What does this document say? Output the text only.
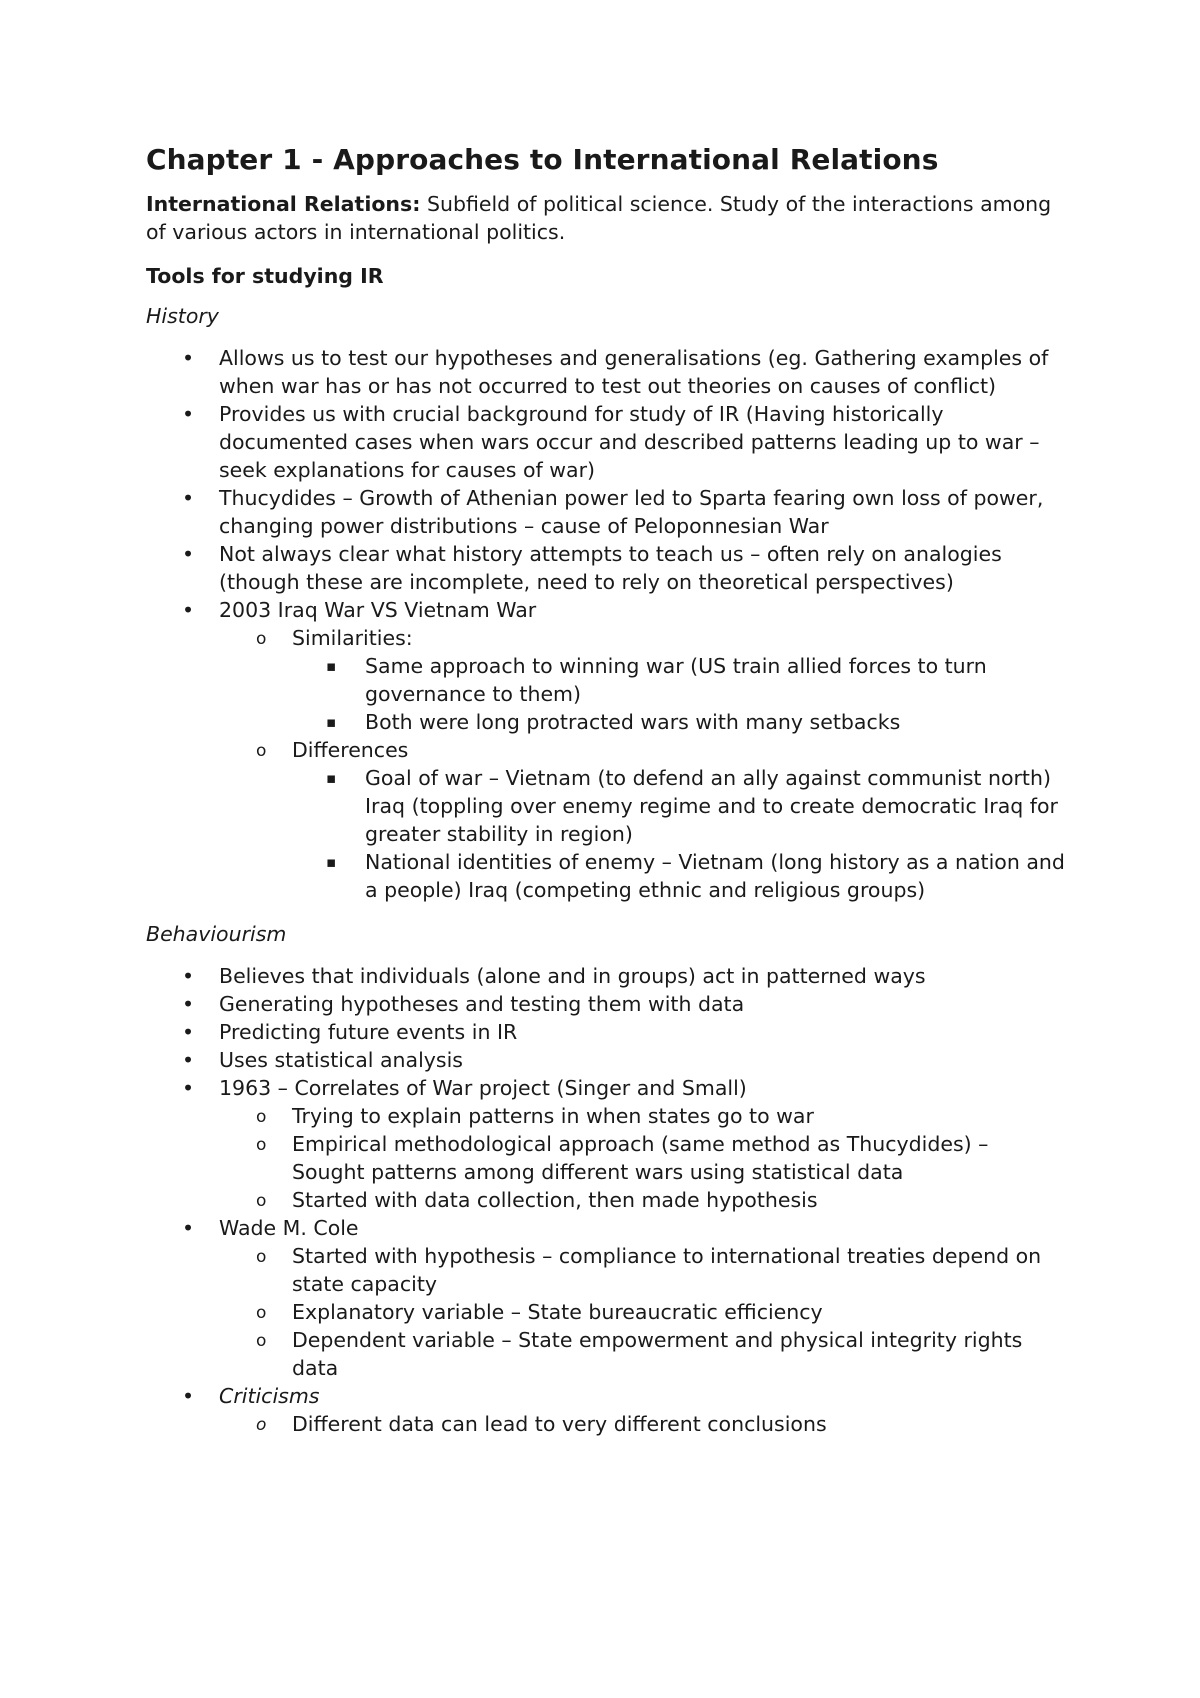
Chapter 1 - Approaches to International Relations

International Relations: Subfield of political science. Study of the interactions among of various actors in international politics.

Tools for studying IR
History
• Allows us to test our hypotheses and generalisations (eg. Gathering examples of when war has or has not occurred to test out theories on causes of conflict)
• Provides us with crucial background for study of IR (Having historically documented cases when wars occur and described patterns leading up to war – seek explanations for causes of war)
• Thucydides – Growth of Athenian power led to Sparta fearing own loss of power, changing power distributions – cause of Peloponnesian War
• Not always clear what history attempts to teach us – often rely on analogies (though these are incomplete, need to rely on theoretical perspectives)
• 2003 Iraq War VS Vietnam War
o Similarities:
▪ Same approach to winning war (US train allied forces to turn governance to them)
▪ Both were long protracted wars with many setbacks
o Differences
▪ Goal of war – Vietnam (to defend an ally against communist north) Iraq (toppling over enemy regime and to create democratic Iraq for greater stability in region)
▪ National identities of enemy – Vietnam (long history as a nation and a people) Iraq (competing ethnic and religious groups)
Behaviourism
• Believes that individuals (alone and in groups) act in patterned ways
• Generating hypotheses and testing them with data
• Predicting future events in IR
• Uses statistical analysis
• 1963 – Correlates of War project (Singer and Small)
o Trying to explain patterns in when states go to war
o Empirical methodological approach (same method as Thucydides) – Sought patterns among different wars using statistical data
o Started with data collection, then made hypothesis
• Wade M. Cole
o Started with hypothesis – compliance to international treaties depend on state capacity
o Explanatory variable – State bureaucratic efficiency
o Dependent variable – State empowerment and physical integrity rights data
• Criticisms
o Different data can lead to very different conclusions
